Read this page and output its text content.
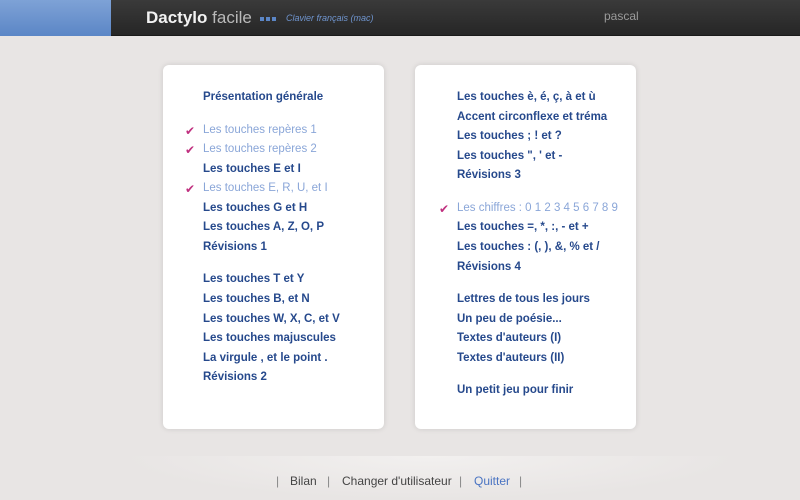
Dactylo facile	Clavier français (mac)	pascal
Présentation générale
✔ Les touches repères 1
✔ Les touches repères 2
Les touches E et I
✔ Les touches E, R, U, et I
Les touches G et H
Les touches A, Z, O, P
Révisions 1
Les touches T et Y
Les touches B, et N
Les touches W, X, C, et V
Les touches majuscules
La virgule , et le point .
Révisions 2
Les touches è, é, ç, à et ù
Accent circonflexe et tréma
Les touches ; ! et ?
Les touches ", ' et -
Révisions 3
✔ Les chiffres : 0 1 2 3 4 5 6 7 8 9
Les touches =, *, :, - et +
Les touches : (, ), &, % et /
Révisions 4
Lettres de tous les jours
Un peu de poésie...
Textes d'auteurs (I)
Textes d'auteurs (II)
Un petit jeu pour finir
| Bilan | Changer d'utilisateur | Quitter |
